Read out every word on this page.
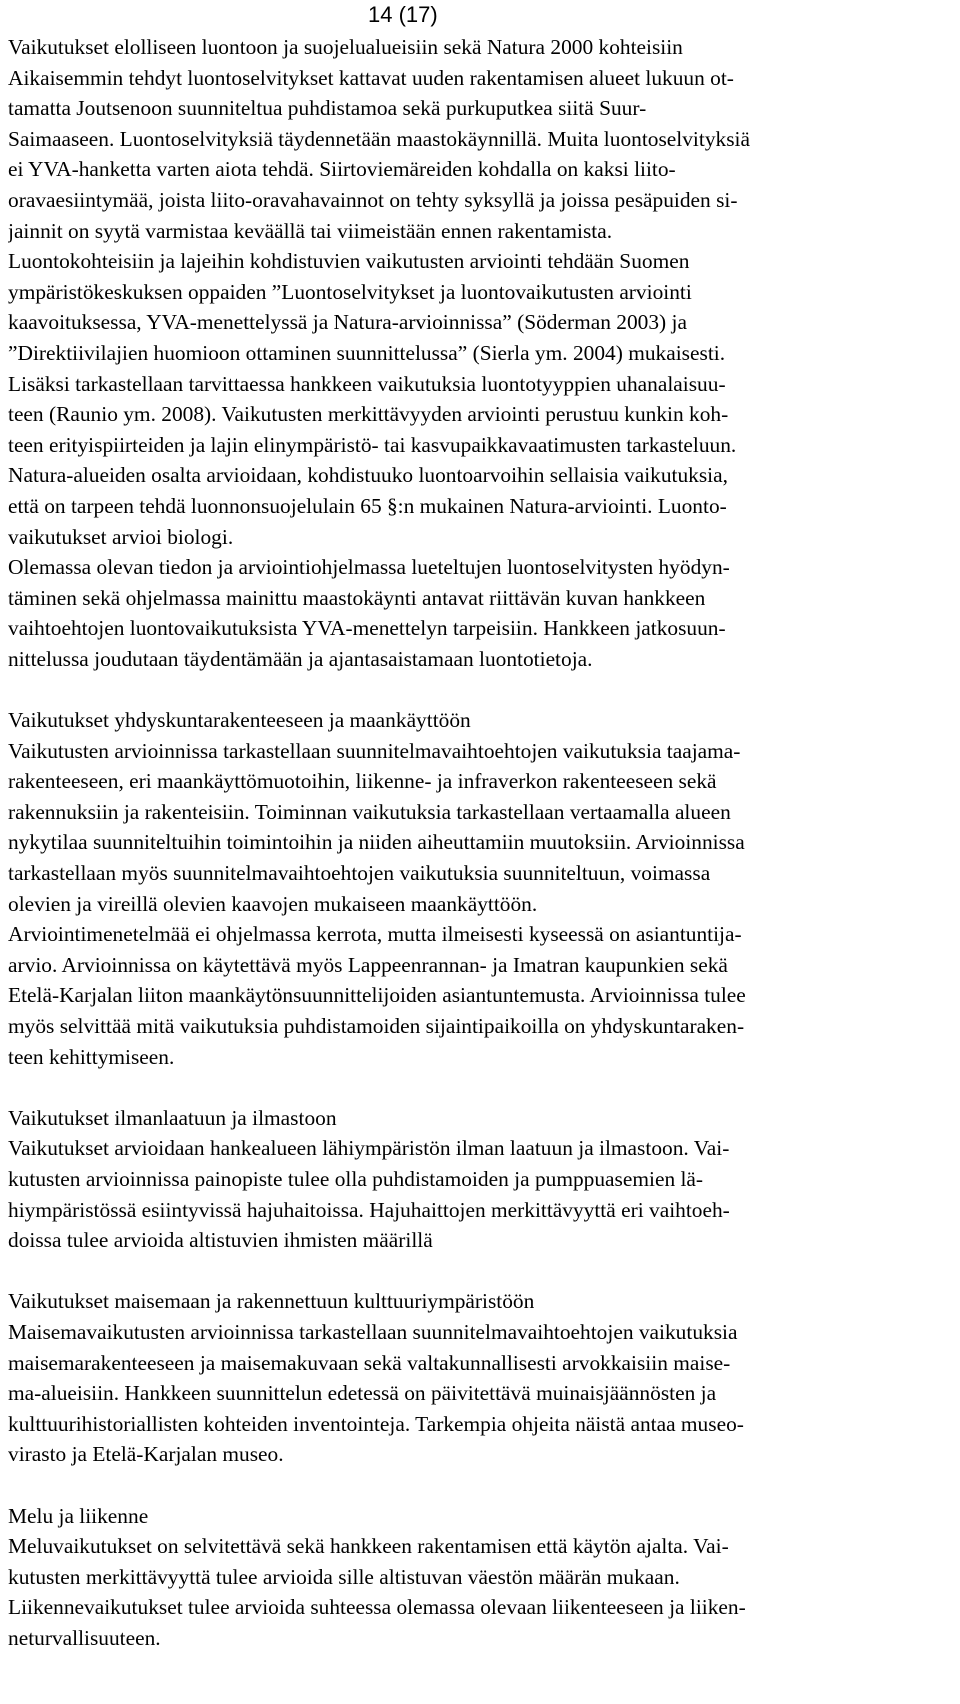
14 (17)
Vaikutukset elolliseen luontoon ja suojelualueisiin sekä Natura 2000 kohteisiin
Aikaisemmin tehdyt luontoselvitykset kattavat uuden rakentamisen alueet lukuun ot-
tamatta Joutsenoon suunniteltua puhdistamoa sekä purkuputkea siitä Suur-
Saimaaseen. Luontoselvityksiä täydennetään maastokäynnillä. Muita luontoselvityksiä
ei YVA-hanketta varten aiota tehdä. Siirtoviemäreiden kohdalla on kaksi liito-
oravaesiintymää, joista liito-oravahavainnot on tehty syksyllä ja joissa pesäpuiden si-
jainnit on syytä varmistaa keväällä tai viimeistään ennen rakentamista.
Luontokohteisiin ja lajeihin kohdistuvien vaikutusten arviointi tehdään Suomen
ympäristökeskuksen oppaiden ”Luontoselvitykset ja luontovaikutusten arviointi
kaavoituksessa, YVA-menettelyssä ja Natura-arvioinnissa” (Söderman 2003) ja
”Direktiivilajien huomioon ottaminen suunnittelussa” (Sierla ym. 2004) mukaisesti.
Lisäksi tarkastellaan tarvittaessa hankkeen vaikutuksia luontotyyppien uhanalaisuu-
teen (Raunio ym. 2008). Vaikutusten merkittävyyden arviointi perustuu kunkin koh-
teen erityispiirteiden ja lajin elinympäristö- tai kasvupaikkavaatimusten tarkasteluun.
Natura-alueiden osalta arvioidaan, kohdistuuko luontoarvoihin sellaisia vaikutuksia,
että on tarpeen tehdä luonnonsuojelulain 65 §:n mukainen Natura-arviointi. Luonto-
vaikutukset arvioi biologi.
Olemassa olevan tiedon ja arviointiohjelmassa lueteltujen luontoselvitysten hyödyn-
täminen sekä ohjelmassa mainittu maastokäynti antavat riittävän kuvan hankkeen
vaihtoehtojen luontovaikutuksista YVA-menettelyn tarpeisiin. Hankkeen jatkosuun-
nittelussa joudutaan täydentämään ja ajantasaistamaan luontotietoja.
Vaikutukset yhdyskuntarakenteeseen ja maankäyttöön
Vaikutusten arvioinnissa tarkastellaan suunnitelmavaihtoehtojen vaikutuksia taajama-
rakenteeseen, eri maankäyttömuotoihin, liikenne- ja infraverkon rakenteeseen sekä
rakennuksiin ja rakenteisiin. Toiminnan vaikutuksia tarkastellaan vertaamalla alueen
nykytilaa suunniteltuihin toimintoihin ja niiden aiheuttamiin muutoksiin. Arvioinnissa
tarkastellaan myös suunnitelmavaihtoehtojen vaikutuksia suunniteltuun, voimassa
olevien ja vireillä olevien kaavojen mukaiseen maankäyttöön.
Arviointimenetelmää ei ohjelmassa kerrota, mutta ilmeisesti kyseessä on asiantuntija-
arvio. Arvioinnissa on käytettävä myös Lappeenrannan- ja Imatran kaupunkien sekä
Etelä-Karjalan liiton maankäytönsuunnittelijoiden asiantuntemusta. Arvioinnissa tulee
myös selvittää mitä vaikutuksia puhdistamoiden sijaintipaikoilla on yhdyskuntaraken-
teen kehittymiseen.
Vaikutukset ilmanlaatuun ja ilmastoon
Vaikutukset arvioidaan hankealueen lähiympäristön ilman laatuun ja ilmastoon. Vai-
kutusten arvioinnissa painopiste tulee olla puhdistamoiden ja pumppuasemien lä-
hiympäristössä esiintyvissä hajuhaitoissa. Hajuhaittojen merkittävyyttä eri vaihtoeh-
doissa tulee arvioida altistuvien ihmisten määrillä
Vaikutukset maisemaan ja rakennettuun kulttuuriympäristöön
Maisemavaikutusten arvioinnissa tarkastellaan suunnitelmavaihtoehtojen vaikutuksia
maisemarakenteeseen ja maisemakuvaan sekä valtakunnallisesti arvokkaisiin maise-
ma-alueisiin. Hankkeen suunnittelun edetessä on päivitettävä muinaisjäännösten ja
kulttuurihistoriallisten kohteiden inventointeja. Tarkempia ohjeita näistä antaa museo-
virasto ja Etelä-Karjalan museo.
Melu ja liikenne
Meluvaikutukset on selvitettävä sekä hankkeen rakentamisen että käytön ajalta. Vai-
kutusten merkittävyyttä tulee arvioida sille altistuvan väestön määrän mukaan.
Liikennevaikutukset tulee arvioida suhteessa olemassa olevaan liikenteeseen ja liiken-
neturvallisuuteen.
